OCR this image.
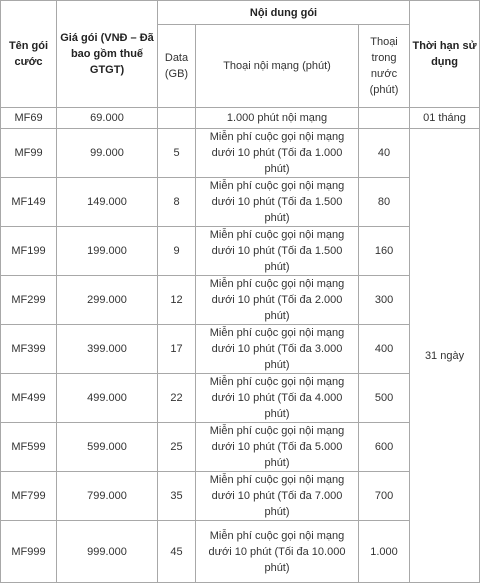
Tên gói cước	Giá gói (VNĐ – Đã bao gồm thuế GTGT)	Nội dung gói			Thời hạn sử dụng
		Data (GB)	Thoại nội mạng (phút)	Thoại trong nước (phút)	
MF69	69.000		1.000 phút nội mạng		01 tháng
MF99	99.000	5	Miễn phí cuộc gọi nội mạng dưới 10 phút (Tối đa 1.000 phút)	40	31 ngày
MF149	149.000	8	Miễn phí cuộc gọi nội mạng dưới 10 phút (Tối đa 1.500 phút)	80	
MF199	199.000	9	Miễn phí cuộc gọi nội mạng dưới 10 phút (Tối đa 1.500 phút)	160	
MF299	299.000	12	Miễn phí cuộc gọi nội mạng dưới 10 phút (Tối đa 2.000 phút)	300	
MF399	399.000	17	Miễn phí cuộc gọi nội mạng dưới 10 phút (Tối đa 3.000 phút)	400	
MF499	499.000	22	Miễn phí cuộc gọi nội mạng dưới 10 phút (Tối đa 4.000 phút)	500	
MF599	599.000	25	Miễn phí cuộc gọi nội mạng dưới 10 phút (Tối đa 5.000 phút)	600	
MF799	799.000	35	Miễn phí cuộc gọi nội mạng dưới 10 phút (Tối đa 7.000 phút)	700	
MF999	999.000	45	Miễn phí cuộc gọi nội mạng dưới 10 phút (Tối đa 10.000 phút)	1.000	
